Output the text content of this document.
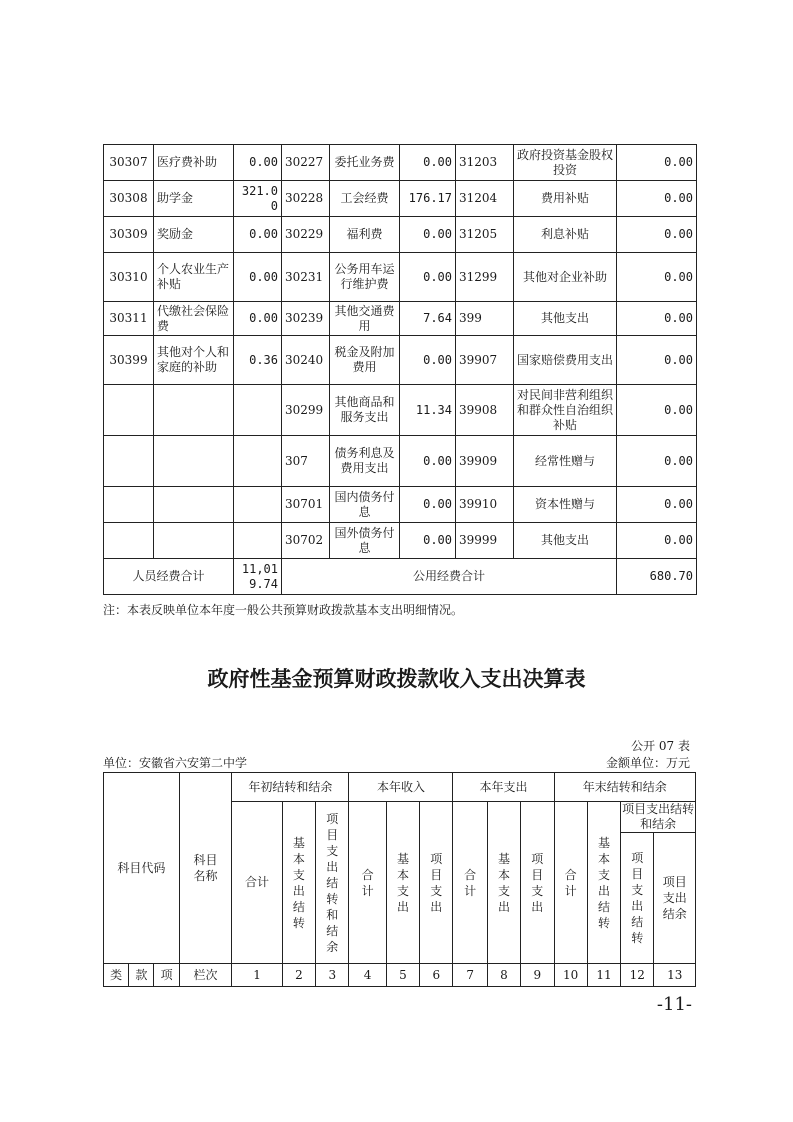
30307	医疗费补助	0.00	30227	委托业务费	0.00	31203	政府投资基金股权投资	0.00
30308	助学金	321.00	30228	工会经费	176.17	31204	费用补贴	0.00
30309	奖励金	0.00	30229	福利费	0.00	31205	利息补贴	0.00
30310	个人农业生产补贴	0.00	30231	公务用车运行维护费	0.00	31299	其他对企业补助	0.00
30311	代缴社会保险费	0.00	30239	其他交通费用	7.64	399	其他支出	0.00
30399	其他对个人和家庭的补助	0.36	30240	税金及附加费用	0.00	39907	国家赔偿费用支出	0.00
			30299	其他商品和服务支出	11.34	39908	对民间非营利组织和群众性自治组织补贴	0.00
			307	债务利息及费用支出	0.00	39909	经常性赠与	0.00
			30701	国内债务付息	0.00	39910	资本性赠与	0.00
			30702	国外债务付息	0.00	39999	其他支出	0.00
人员经费合计		11,019.74	公用经费合计					680.70
注：本表反映单位本年度一般公共预算财政拨款基本支出明细情况。
政府性基金预算财政拨款收入支出决算表
公开 07 表
单位：安徽省六安第二中学	金额单位：万元
科目代码			科目名称	年初结转和结余			本年收入			本年支出			年末结转和结余			
				合计	基本支出结转	项目支出结转和结余	合计	基本支出	项目支出	合计	基本支出	项目支出	合计	基本支出结转	项目支出结转和结余	
															项目支出结转	项目支出结余

类	款	项	栏次	1	2	3	4	5	6	7	8	9	10	11	12	13
-11-
